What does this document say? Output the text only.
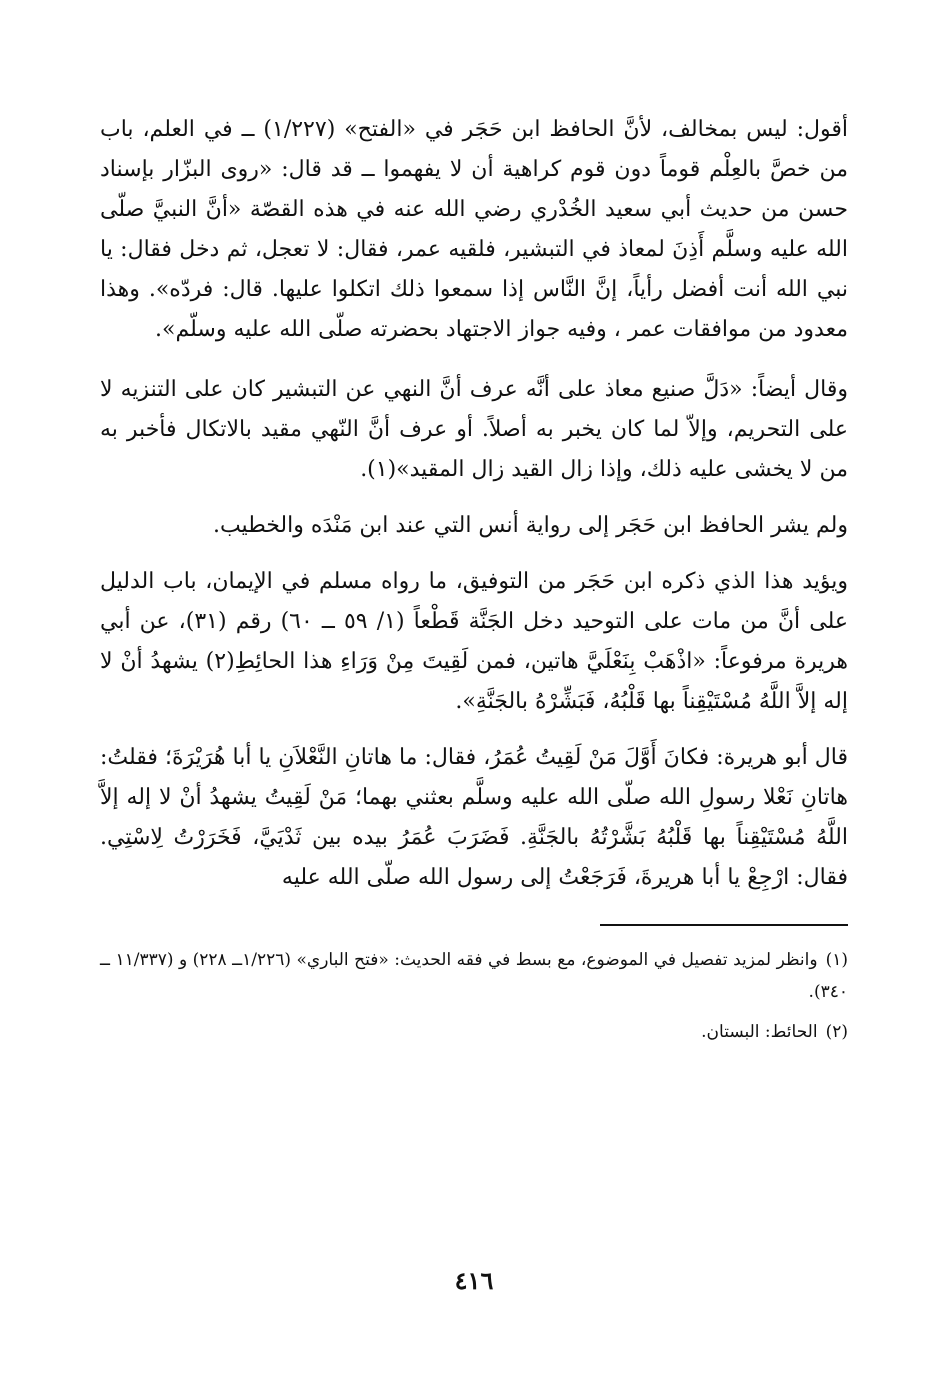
أقول: ليس بمخالف، لأنَّ الحافظ ابن حَجَر في «الفتح» (١/٢٢٧) ــ في العلم، باب من خصَّ بالعِلْم قوماً دون قوم كراهية أن لا يفهموا ــ قد قال: «روى البزّار بإسناد حسن من حديث أبي سعيد الخُدْري رضي الله عنه في هذه القصّة «أنَّ النبيَّ صلّى الله عليه وسلَّم أَذِنَ لمعاذ في التبشير، فلقيه عمر، فقال: لا تعجل، ثم دخل فقال: يا نبي الله أنت أفضل رأياً، إنَّ النَّاس إذا سمعوا ذلك اتكلوا عليها. قال: فردّه». وهذا معدود من موافقات عمر ، وفيه جواز الاجتهاد بحضرته صلّى الله عليه وسلّم».

وقال أيضاً: «دَلَّ صنيع معاذ على أنَّه عرف أنَّ النهي عن التبشير كان على التنزيه لا على التحريم، وإلاّ لما كان يخبر به أصلاً. أو عرف أنَّ النّهي مقيد بالاتكال فأخبر به من لا يخشى عليه ذلك، وإذا زال القيد زال المقيد»(١).

ولم يشر الحافظ ابن حَجَر إلى رواية أنس التي عند ابن مَنْدَه والخطيب.

ويؤيد هذا الذي ذكره ابن حَجَر من التوفيق، ما رواه مسلم في الإيمان، باب الدليل على أنَّ من مات على التوحيد دخل الجَنَّة قَطْعاً (١/ ٥٩ ــ ٦٠) رقم (٣١)، عن أبي هريرة مرفوعاً: «اذْهَبْ بِنَعْلَيَّ هاتين، فمن لَقِيتَ مِنْ وَرَاءِ هذا الحائِطِ(٢) يشهدُ أنْ لا إله إلاَّ اللَّهُ مُسْتَيْقِناً بها قَلْبُهُ، فَبَشِّرْهُ بالجَنَّةِ».

قال أبو هريرة: فكانَ أَوَّلَ مَنْ لَقِيتُ عُمَرُ، فقال: ما هاتانِ النَّعْلاَنِ يا أبا هُرَيْرَةَ؛ فقلتُ: هاتانِ نَعْلا رسولِ الله صلّى الله عليه وسلَّم بعثني بهما؛ مَنْ لَقِيتُ يشهدُ أنْ لا إله إلاَّ اللَّهُ مُسْتَيْقِناً بها قَلْبُهُ بَشَّرْتُهُ بالجَنَّةِ. فَضَرَبَ عُمَرُ بيده بين ثَدْيَيَّ، فَخَرَرْتُ لِاسْتِي. فقال: ارْجِعْ يا أبا هريرةَ، فَرَجَعْتُ إلى رسول الله صلّى الله عليه

(١)وانظر لمزيد تفصيل في الموضوع، مع بسط في فقه الحديث: «فتح الباري» (١/٢٢٦ــ ٢٢٨) و (١١/٣٣٧ ــ ٣٤٠).

(٢)الحائط: البستان.

٤١٦
